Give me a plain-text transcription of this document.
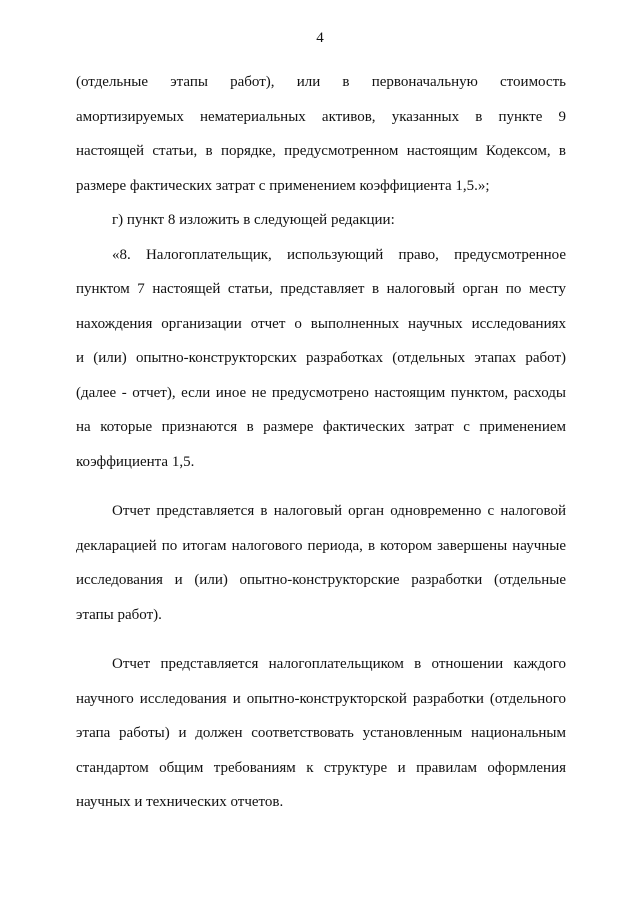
4
(отдельные этапы работ), или в первоначальную стоимость
амортизируемых нематериальных активов, указанных в пункте 9
настоящей статьи, в порядке, предусмотренном настоящим Кодексом, в
размере фактических затрат с применением коэффициента 1,5.»;
г) пункт 8 изложить в следующей редакции:
«8. Налогоплательщик, использующий право, предусмотренное
пунктом 7 настоящей статьи, представляет в налоговый орган по месту
нахождения организации отчет о выполненных научных исследованиях
и (или) опытно-конструкторских разработках (отдельных этапах работ)
(далее - отчет), если иное не предусмотрено настоящим пунктом, расходы
на которые признаются в размере фактических затрат с применением
коэффициента 1,5.
Отчет представляется в налоговый орган одновременно с налоговой
декларацией по итогам налогового периода, в котором завершены научные
исследования и (или) опытно-конструкторские разработки (отдельные
этапы работ).
Отчет представляется налогоплательщиком в отношении каждого
научного исследования и опытно-конструкторской разработки (отдельного
этапа работы) и должен соответствовать установленным национальным
стандартом общим требованиям к структуре и правилам оформления
научных и технических отчетов.
